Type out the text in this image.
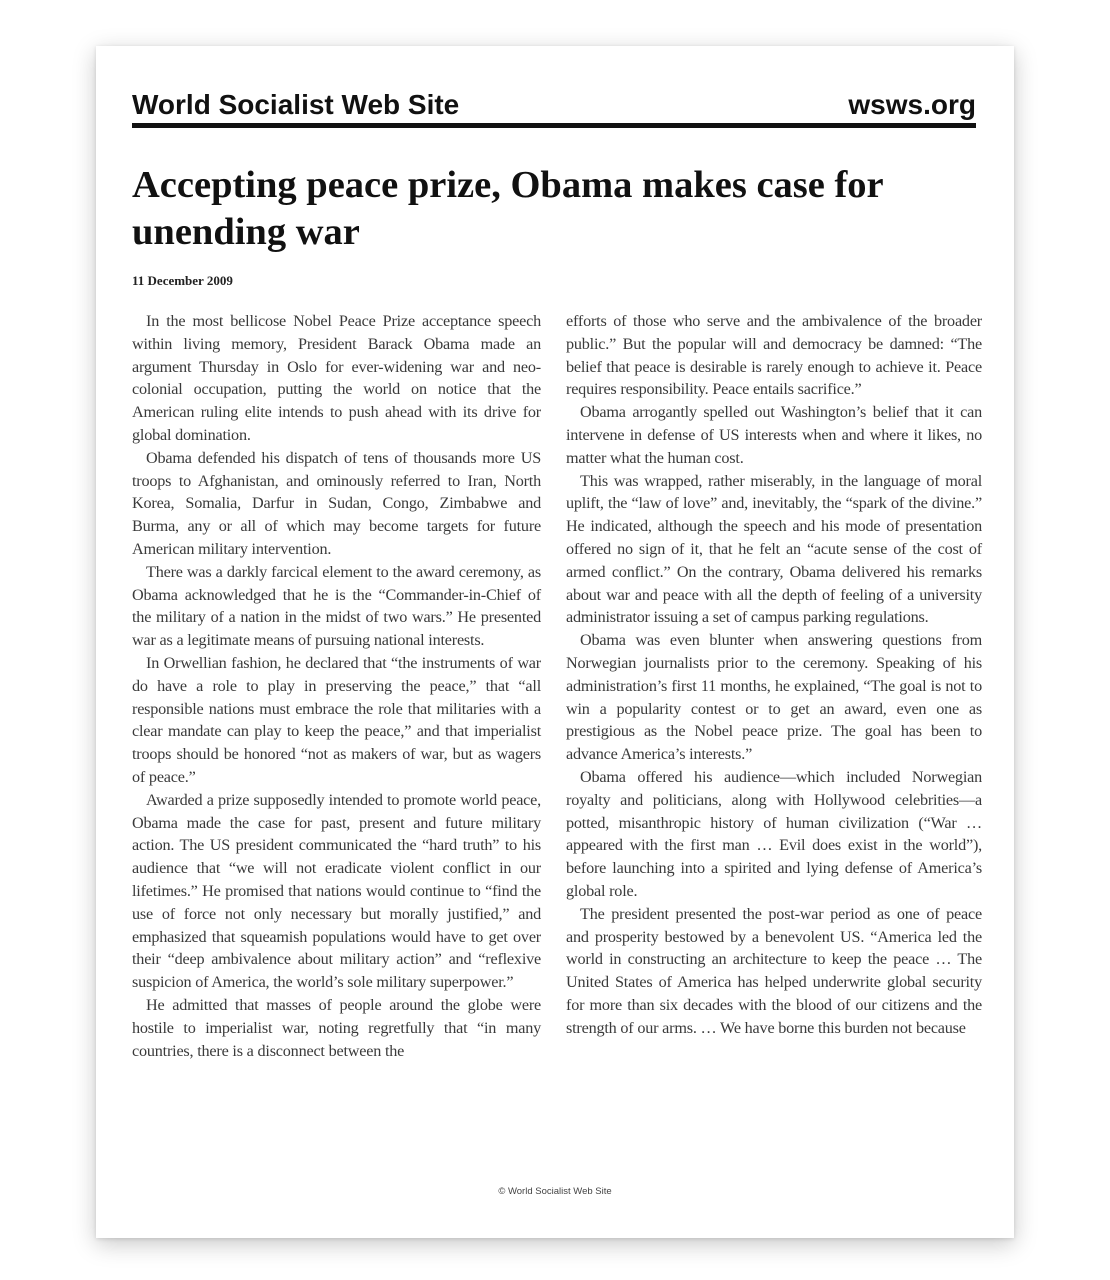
World Socialist Web Site	wsws.org
Accepting peace prize, Obama makes case for unending war
11 December 2009

In the most bellicose Nobel Peace Prize acceptance speech within living memory, President Barack Obama made an argument Thursday in Oslo for ever-widening war and neo-colonial occupation, putting the world on notice that the American ruling elite intends to push ahead with its drive for global domination.

Obama defended his dispatch of tens of thousands more US troops to Afghanistan, and ominously referred to Iran, North Korea, Somalia, Darfur in Sudan, Congo, Zimbabwe and Burma, any or all of which may become targets for future American military intervention.

There was a darkly farcical element to the award ceremony, as Obama acknowledged that he is the “Commander-in-Chief of the military of a nation in the midst of two wars.” He presented war as a legitimate means of pursuing national interests.

In Orwellian fashion, he declared that “the instruments of war do have a role to play in preserving the peace,” that “all responsible nations must embrace the role that militaries with a clear mandate can play to keep the peace,” and that imperialist troops should be honored “not as makers of war, but as wagers of peace.”

Awarded a prize supposedly intended to promote world peace, Obama made the case for past, present and future military action. The US president communicated the “hard truth” to his audience that “we will not eradicate violent conflict in our lifetimes.” He promised that nations would continue to “find the use of force not only necessary but morally justified,” and emphasized that squeamish populations would have to get over their “deep ambivalence about military action” and “reflexive suspicion of America, the world’s sole military superpower.”

He admitted that masses of people around the globe were hostile to imperialist war, noting regretfully that “in many countries, there is a disconnect between the

efforts of those who serve and the ambivalence of the broader public.” But the popular will and democracy be damned: “The belief that peace is desirable is rarely enough to achieve it. Peace requires responsibility. Peace entails sacrifice.”

Obama arrogantly spelled out Washington’s belief that it can intervene in defense of US interests when and where it likes, no matter what the human cost.

This was wrapped, rather miserably, in the language of moral uplift, the “law of love” and, inevitably, the “spark of the divine.” He indicated, although the speech and his mode of presentation offered no sign of it, that he felt an “acute sense of the cost of armed conflict.” On the contrary, Obama delivered his remarks about war and peace with all the depth of feeling of a university administrator issuing a set of campus parking regulations.

Obama was even blunter when answering questions from Norwegian journalists prior to the ceremony. Speaking of his administration’s first 11 months, he explained, “The goal is not to win a popularity contest or to get an award, even one as prestigious as the Nobel peace prize. The goal has been to advance America’s interests.”

Obama offered his audience—which included Norwegian royalty and politicians, along with Hollywood celebrities—a potted, misanthropic history of human civilization (“War … appeared with the first man … Evil does exist in the world”), before launching into a spirited and lying defense of America’s global role.

The president presented the post-war period as one of peace and prosperity bestowed by a benevolent US. “America led the world in constructing an architecture to keep the peace … The United States of America has helped underwrite global security for more than six decades with the blood of our citizens and the strength of our arms. … We have borne this burden not because

© World Socialist Web Site
